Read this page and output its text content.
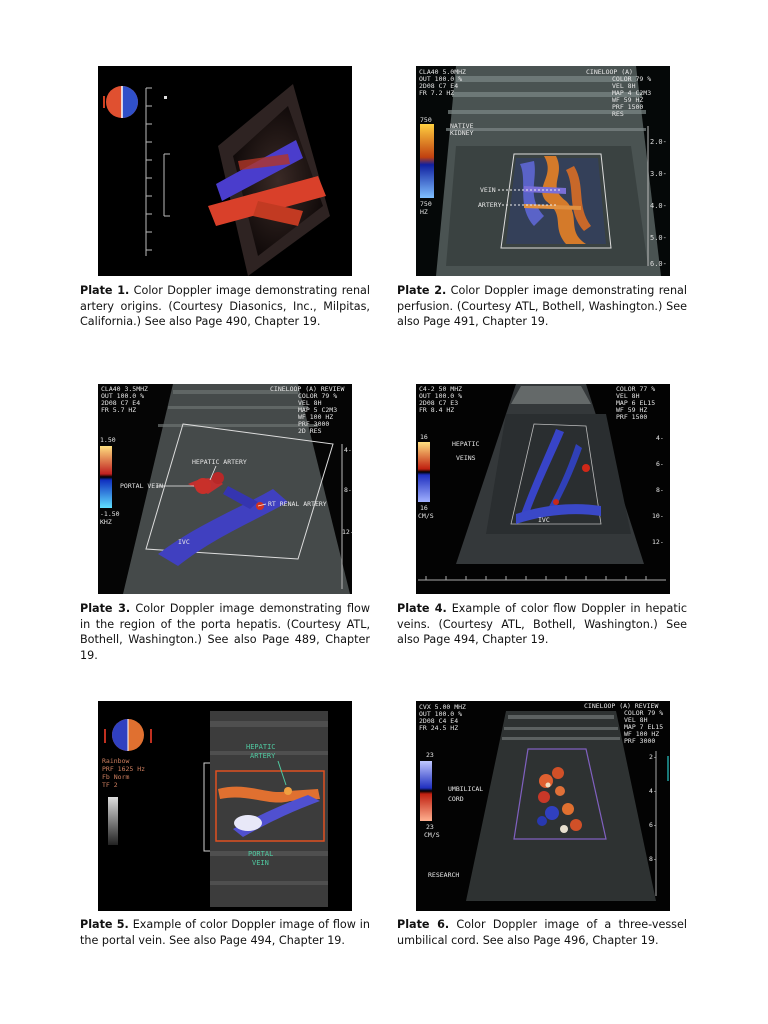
Plate 1. Color Doppler image demonstrating renal artery origins. (Courtesy Diasonics, Inc., Milpitas, California.) See also Page 490, Chapter 19.
2.0-
3.0-
4.0-
5.0-
6.0-
CLA40 5.0MHZ
OUT 100.0 %
2D08 C7 E4
FR 7.2 HZ
CINELOOP (A)
COLOR 79 %
VEL 8H
MAP 4 C2M3
WF 59 HZ
PRF 1500
RES
750
750
HZ
NATIVE
KIDNEY
VEIN
ARTERY
Plate 2. Color Doppler image demonstrating renal perfusion. (Courtesy ATL, Bothell, Washington.) See also Page 491, Chapter 19.
CLA40 3.5MHZ
OUT 100.0 %
2D08 C7 E4
FR 5.7 HZ
CINELOOP (A) REVIEW
COLOR 79 %
VEL 8H
MAP 5 C2M3
WF 100 HZ
PRF 3000
2D RES
1.50
-1.50
KHZ
HEPATIC ARTERY
PORTAL VEIN
RT RENAL ARTERY
IVC
4-
8-
12-
Plate 3. Color Doppler image demonstrating flow in the region of the porta hepatis. (Courtesy ATL, Bothell, Washington.) See also Page 489, Chapter 19.
C4-2 50 MHZ
OUT 100.0 %
2D08 C7 E3
FR 8.4 HZ
COLOR 77 %
VEL 8H
MAP 6 EL15
WF 59 HZ
PRF 1500
16
16
CM/S
HEPATIC
VEINS
IVC
4-
6-
8-
10-
12-
Plate 4. Example of color flow Doppler in hepatic veins. (Courtesy ATL, Bothell, Washington.) See also Page 494, Chapter 19.
Rainbow
PRF 1625 Hz
Fb Norm
TF 2
HEPATIC
ARTERY
PORTAL
VEIN
Plate 5. Example of color Doppler image of flow in the portal vein. See also Page 494, Chapter 19.
CVX 5.00 MHZ
OUT 100.0 %
2D08 C4 E4
FR 24.5 HZ
CINELOOP (A) REVIEW
COLOR 79 %
VEL 8H
MAP 7 EL15
WF 100 HZ
PRF 3000
23
23
CM/S
UMBILICAL
CORD
RESEARCH
2-
4-
6-
8-
Plate 6. Color Doppler image of a three-vessel umbilical cord. See also Page 496, Chapter 19.
